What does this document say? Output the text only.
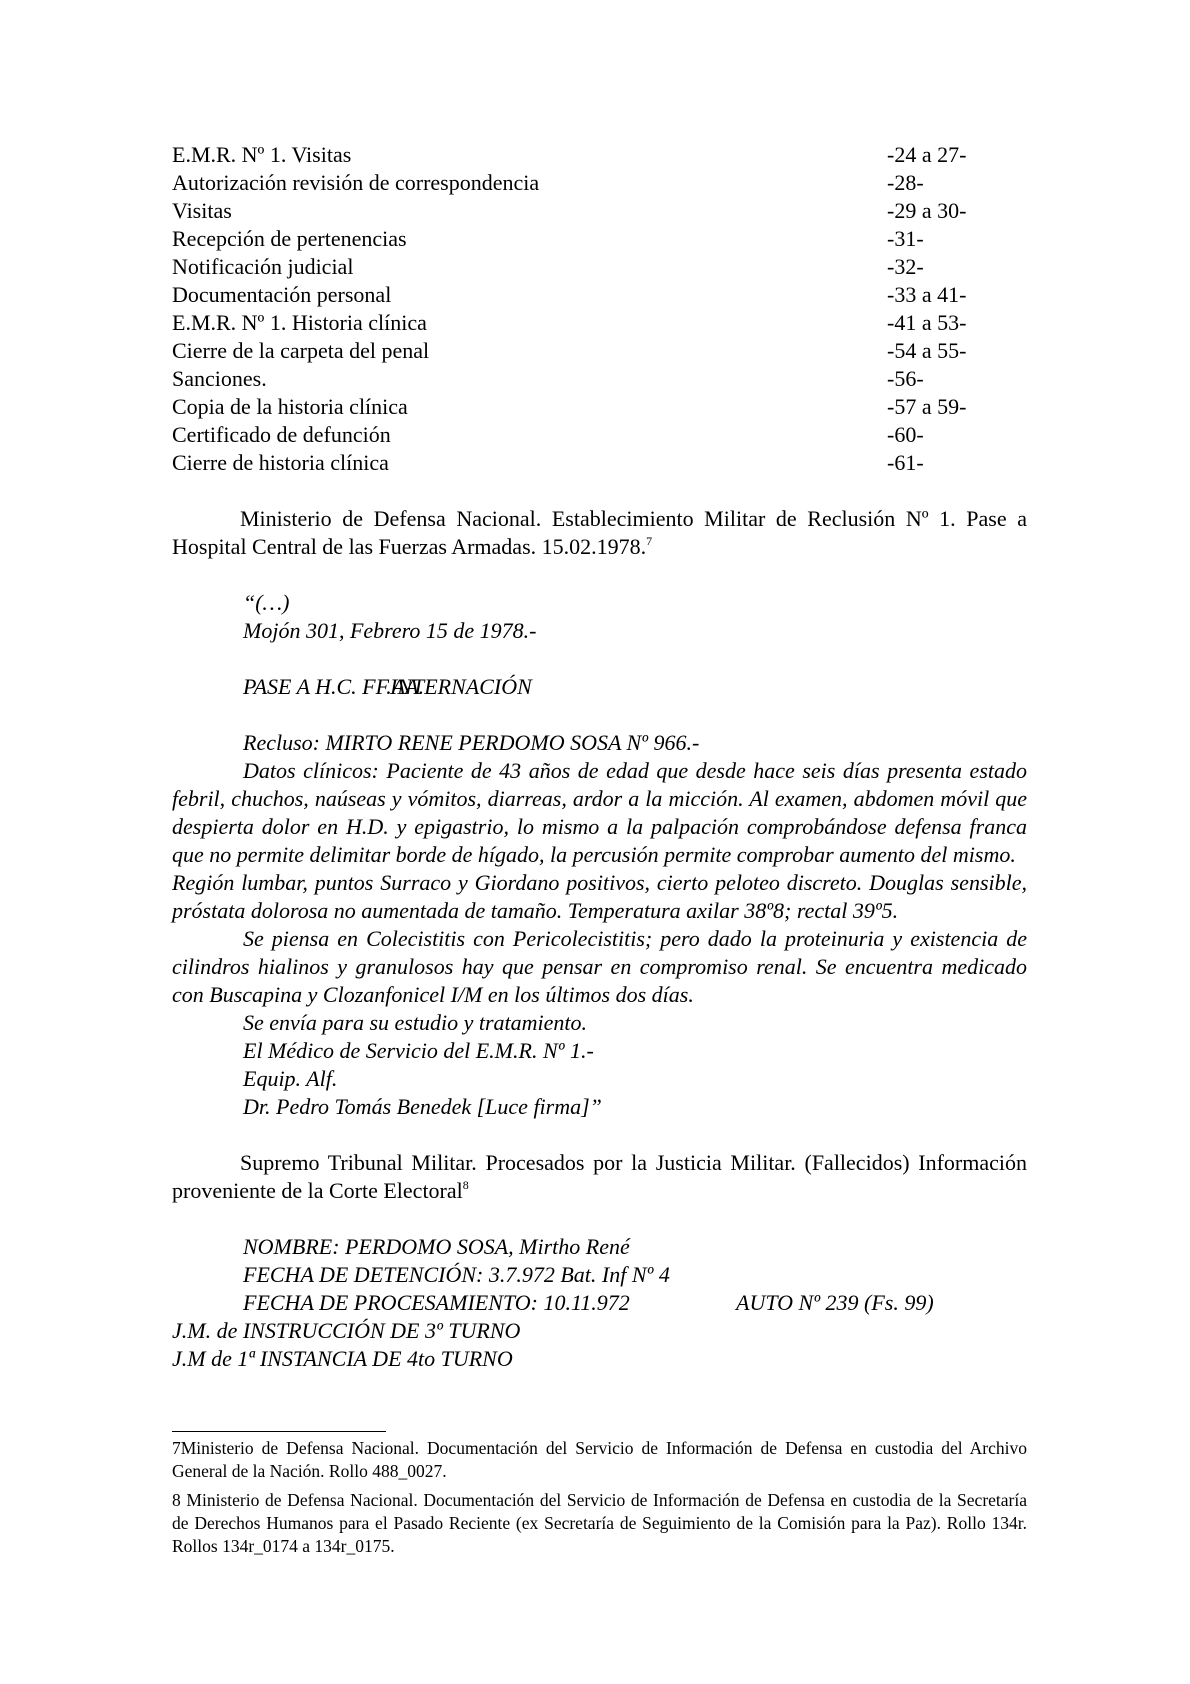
E.M.R. Nº 1. Visitas	-24 a 27-
Autorización revisión de correspondencia	-28-
Visitas	-29 a 30-
Recepción de pertenencias	-31-
Notificación judicial	-32-
Documentación personal	-33 a 41-
E.M.R. Nº 1. Historia clínica	-41 a 53-
Cierre de la carpeta del penal	-54 a 55-
Sanciones.	-56-
Copia de la historia clínica	-57 a 59-
Certificado de defunción	-60-
Cierre de historia clínica	-61-
Ministerio de Defensa Nacional. Establecimiento Militar de Reclusión Nº 1. Pase a Hospital Central de las Fuerzas Armadas. 15.02.1978.$^7$
“(…)
Mojón 301, Febrero 15 de 1978.-
PASE A H.C. FF.AA.
INTERNACIÓN
Recluso: MIRTO RENE PERDOMO SOSA Nº 966.-
Datos clínicos: Paciente de 43 años de edad que desde hace seis días presenta estado febril, chuchos, naúseas y vómitos, diarreas, ardor a la micción. Al examen, abdomen móvil que despierta dolor en H.D. y epigastrio, lo mismo a la palpación comprobándose defensa franca que no permite delimitar borde de hígado, la percusión permite comprobar aumento del mismo.
Región lumbar, puntos Surraco y Giordano positivos, cierto peloteo discreto. Douglas sensible, próstata dolorosa no aumentada de tamaño. Temperatura axilar 38º8; rectal 39º5.
Se piensa en Colecistitis con Pericolecistitis; pero dado la proteinuria y existencia de cilindros hialinos y granulosos hay que pensar en compromiso renal. Se encuentra medicado con Buscapina y Clozanfonicel I/M en los últimos dos días.
Se envía para su estudio y tratamiento.
El Médico de Servicio del E.M.R. Nº 1.-
Equip. Alf.
Dr. Pedro Tomás Benedek [Luce firma]”
Supremo Tribunal Militar. Procesados por la Justicia Militar. (Fallecidos) Información proveniente de la Corte Electoral$^8$
NOMBRE: PERDOMO SOSA, Mirtho René
FECHA DE DETENCIÓN: 3.7.972 Bat. Inf Nº 4
FECHA DE PROCESAMIENTO: 10.11.972	AUTO Nº 239 (Fs. 99)
J.M. de INSTRUCCIÓN DE 3º TURNO
J.M de 1ª INSTANCIA DE 4to TURNO

7Ministerio de Defensa Nacional. Documentación del Servicio de Información de Defensa en custodia del Archivo General de la Nación. Rollo 488_0027.

8 Ministerio de Defensa Nacional. Documentación del Servicio de Información de Defensa en custodia de la Secretaría de Derechos Humanos para el Pasado Reciente (ex Secretaría de Seguimiento de la Comisión para la Paz). Rollo 134r. Rollos 134r_0174 a 134r_0175.
